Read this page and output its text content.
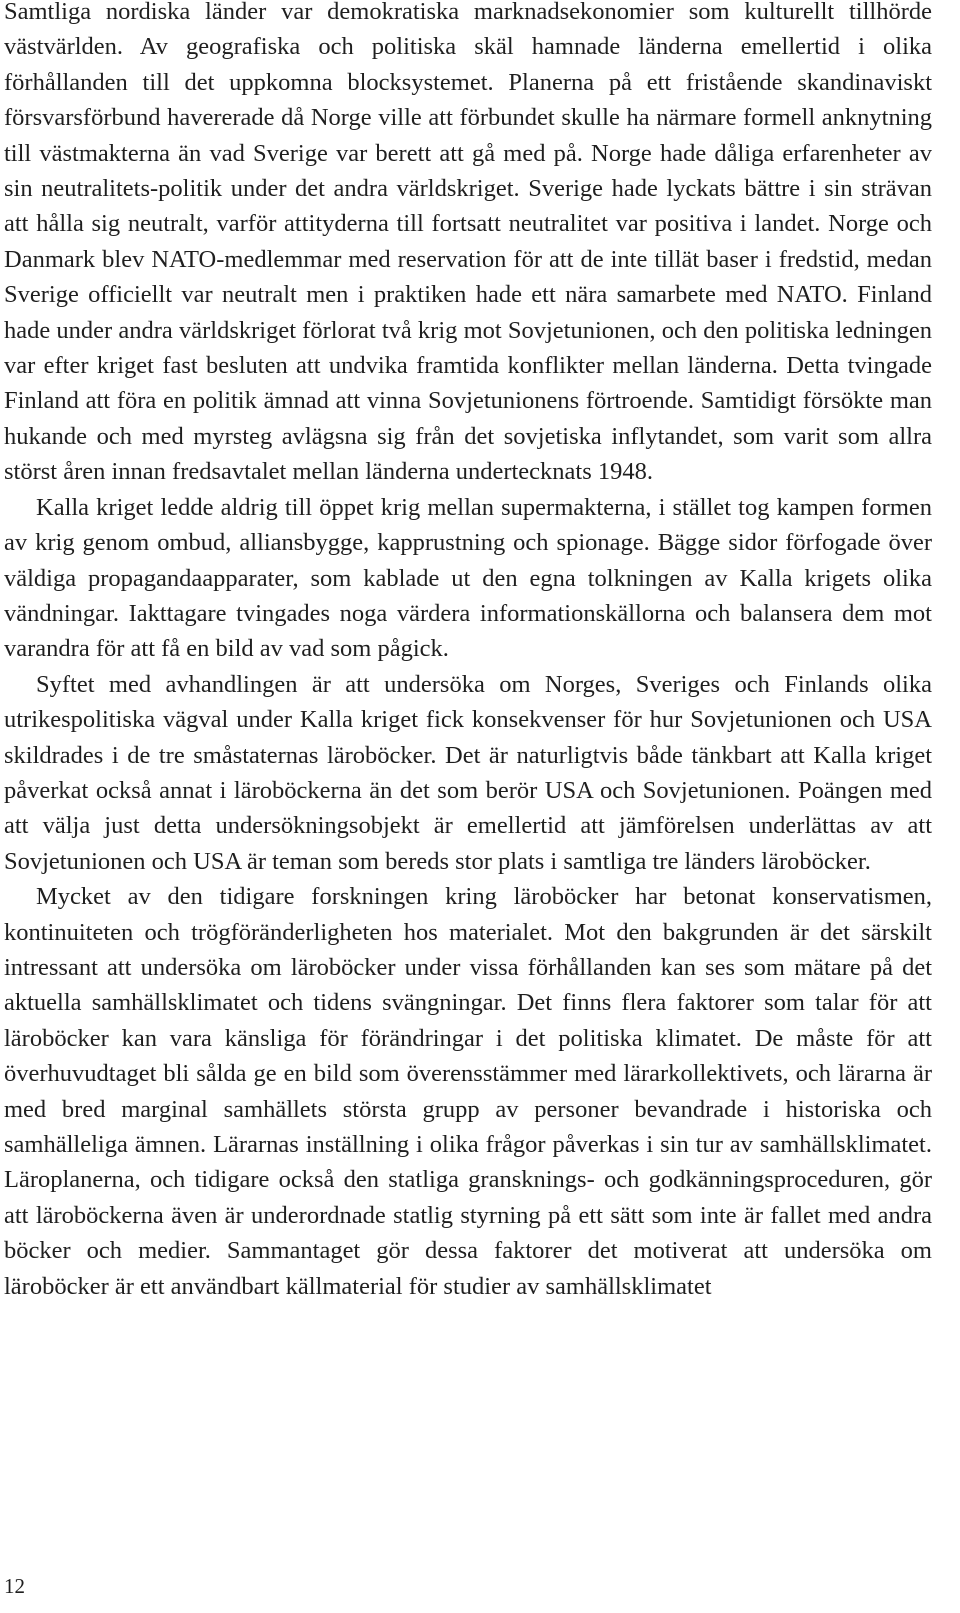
Samtliga nordiska länder var demokratiska marknadsekonomier som kulturellt tillhörde västvärlden. Av geografiska och politiska skäl hamnade länderna emellertid i olika förhållanden till det uppkomna blocksystemet. Planerna på ett fristående skandinaviskt försvarsförbund havererade då Norge ville att förbundet skulle ha närmare formell anknytning till västmakterna än vad Sverige var berett att gå med på. Norge hade dåliga erfarenheter av sin neutralitets-politik under det andra världskriget. Sverige hade lyckats bättre i sin strävan att hålla sig neutralt, varför attityderna till fortsatt neutralitet var positiva i landet. Norge och Danmark blev NATO-medlemmar med reservation för att de inte tillät baser i fredstid, medan Sverige officiellt var neutralt men i praktiken hade ett nära samarbete med NATO. Finland hade under andra världskriget förlorat två krig mot Sovjetunionen, och den politiska ledningen var efter kriget fast besluten att undvika framtida konflikter mellan länderna. Detta tvingade Finland att föra en politik ämnad att vinna Sovjetunionens förtroende. Samtidigt försökte man hukande och med myrsteg avlägsna sig från det sovjetiska inflytandet, som varit som allra störst åren innan fredsavtalet mellan länderna undertecknats 1948.

Kalla kriget ledde aldrig till öppet krig mellan supermakterna, i stället tog kampen formen av krig genom ombud, alliansbygge, kapprustning och spionage. Bägge sidor förfogade över väldiga propagandaapparater, som kablade ut den egna tolkningen av Kalla krigets olika vändningar. Iakttagare tvingades noga värdera informationskällorna och balansera dem mot varandra för att få en bild av vad som pågick.

Syftet med avhandlingen är att undersöka om Norges, Sveriges och Finlands olika utrikespolitiska vägval under Kalla kriget fick konsekvenser för hur Sovjetunionen och USA skildrades i de tre småstaternas läroböcker. Det är naturligtvis både tänkbart att Kalla kriget påverkat också annat i läroböckerna än det som berör USA och Sovjetunionen. Poängen med att välja just detta undersökningsobjekt är emellertid att jämförelsen underlättas av att Sovjetunionen och USA är teman som bereds stor plats i samtliga tre länders läroböcker.

Mycket av den tidigare forskningen kring läroböcker har betonat konservatismen, kontinuiteten och trögföränderligheten hos materialet. Mot den bakgrunden är det särskilt intressant att undersöka om läroböcker under vissa förhållanden kan ses som mätare på det aktuella samhällsklimatet och tidens svängningar. Det finns flera faktorer som talar för att läroböcker kan vara känsliga för förändringar i det politiska klimatet. De måste för att överhuvudtaget bli sålda ge en bild som överensstämmer med lärarkollektivets, och lärarna är med bred marginal samhällets största grupp av personer bevandrade i historiska och samhälleliga ämnen. Lärarnas inställning i olika frågor påverkas i sin tur av samhällsklimatet. Läroplanerna, och tidigare också den statliga gransknings- och godkänningsproceduren, gör att läroböckerna även är underordnade statlig styrning på ett sätt som inte är fallet med andra böcker och medier. Sammantaget gör dessa faktorer det motiverat att undersöka om läroböcker är ett användbart källmaterial för studier av samhällsklimatet

12
